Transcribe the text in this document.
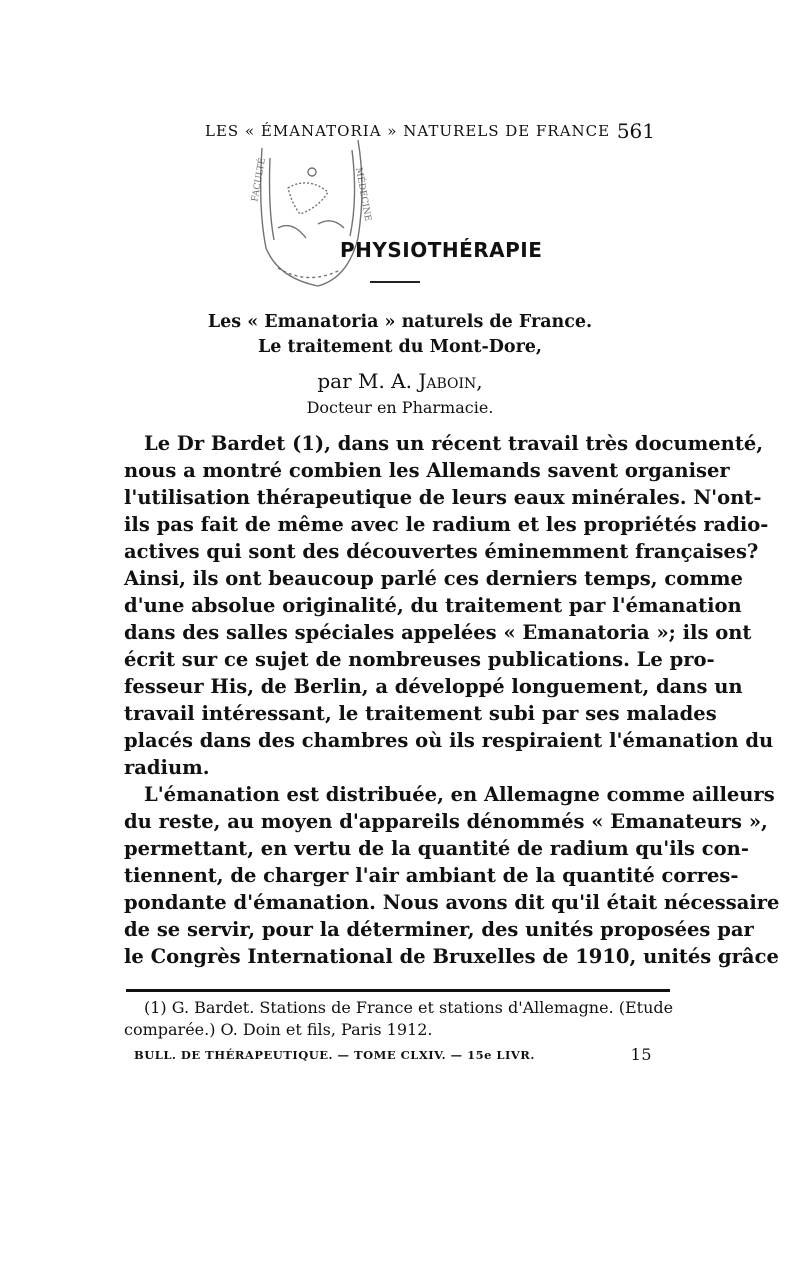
LES « ÉMANATORIA » NATURELS DE FRANCE 561
FACULTÉ	MÉDECINE
PHYSIOTHÉRAPIE
Les « Emanatoria » naturels de France.
Le traitement du Mont-Dore,
par M. A. Jaboin,
Docteur en Pharmacie.
Le Dr Bardet (1), dans un récent travail très documenté,
nous a montré combien les Allemands savent organiser
l'utilisation thérapeutique de leurs eaux minérales. N'ont-
ils pas fait de même avec le radium et les propriétés radio-
actives qui sont des découvertes éminemment françaises?
Ainsi, ils ont beaucoup parlé ces derniers temps, comme
d'une absolue originalité, du traitement par l'émanation
dans des salles spéciales appelées « Emanatoria »; ils ont
écrit sur ce sujet de nombreuses publications. Le pro-
fesseur His, de Berlin, a développé longuement, dans un
travail intéressant, le traitement subi par ses malades
placés dans des chambres où ils respiraient l'émanation du
radium.
L'émanation est distribuée, en Allemagne comme ailleurs
du reste, au moyen d'appareils dénommés « Emanateurs »,
permettant, en vertu de la quantité de radium qu'ils con-
tiennent, de charger l'air ambiant de la quantité corres-
pondante d'émanation. Nous avons dit qu'il était nécessaire
de se servir, pour la déterminer, des unités proposées par
le Congrès International de Bruxelles de 1910, unités grâce
(1) G. Bardet. Stations de France et stations d'Allemagne. (Etude
comparée.) O. Doin et fils, Paris 1912.
BULL. DE THÉRAPEUTIQUE. — TOME CLXIV. — 15e LIVR.	15
